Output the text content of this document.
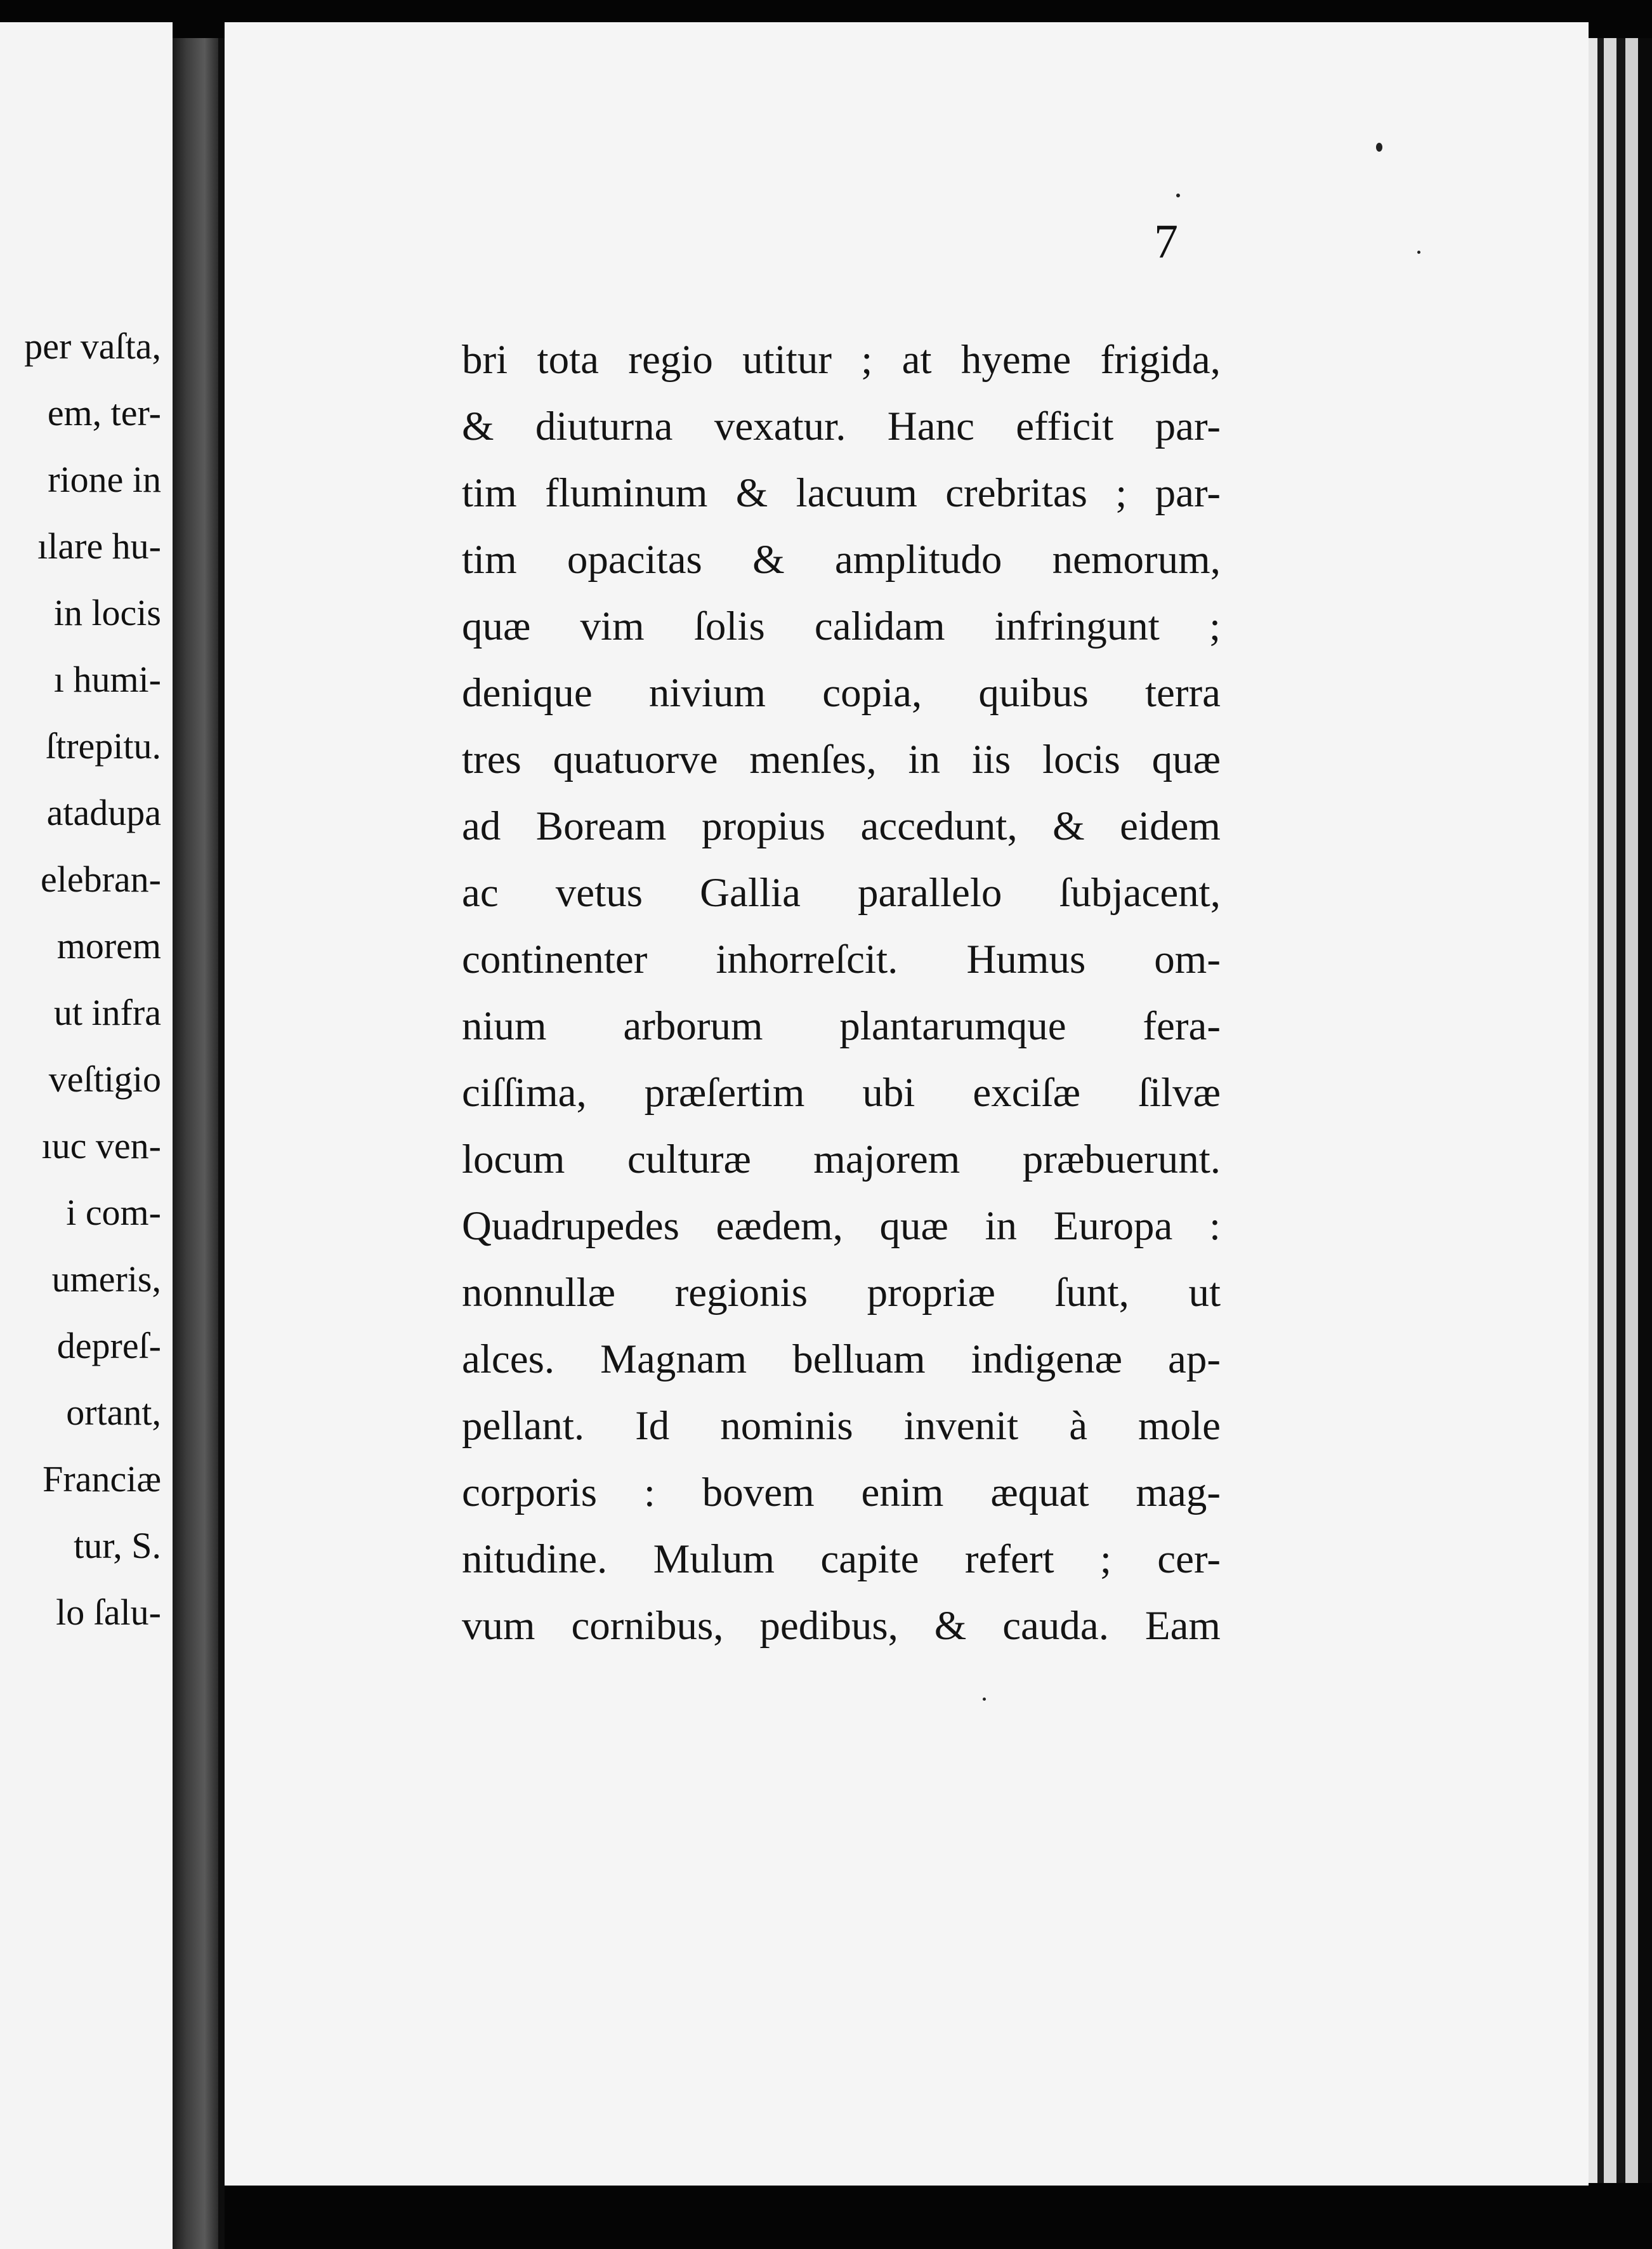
per vaſta,
em, ter-
rione in
ılare hu-
in locis
ı humi-
ſtrepitu.
atadupa
elebran-
morem
ut infra
veſtigio
ıuc ven-
i com-
umeris,
depreſ-
ortant,
Franciæ
tur, S.
lo ſalu-
7
bri tota regio utitur ; at hyeme frigida,
& diuturna vexatur. Hanc efficit par-
tim fluminum & lacuum crebritas ; par-
tim opacitas & amplitudo nemorum,
quæ vim ſolis calidam infringunt ;
denique nivium copia, quibus terra
tres quatuorve menſes, in iis locis quæ
ad Boream propius accedunt, & eidem
ac vetus Gallia parallelo ſubjacent,
continenter inhorreſcit. Humus om-
nium arborum plantarumque fera-
ciſſima, præſertim ubi exciſæ ſilvæ
locum culturæ majorem præbuerunt.
Quadrupedes eædem, quæ in Europa :
nonnullæ regionis propriæ ſunt, ut
alces. Magnam belluam indigenæ ap-
pellant. Id nominis invenit à mole
corporis : bovem enim æquat mag-
nitudine. Mulum capite refert ; cer-
vum cornibus, pedibus, & cauda. Eam
